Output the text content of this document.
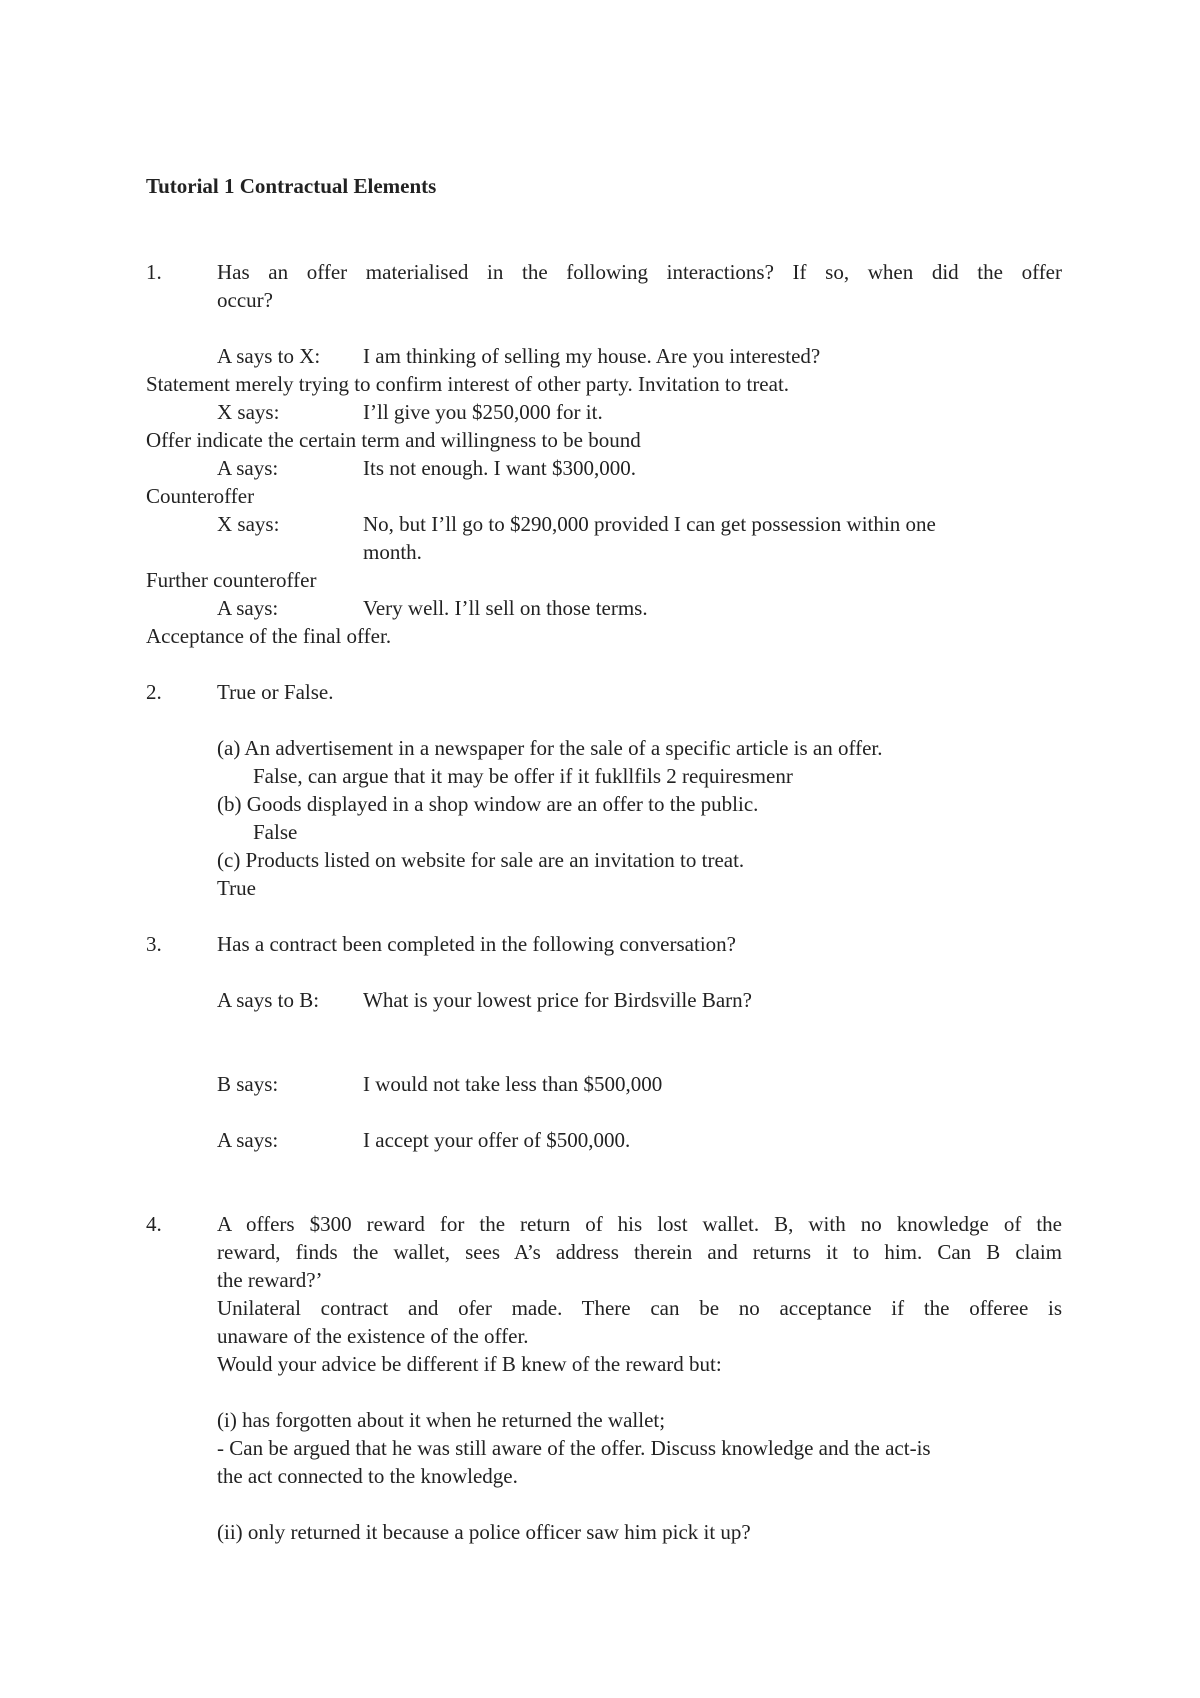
Tutorial 1 Contractual Elements
1.	Has an offer materialised in the following interactions? If so, when did the offer
occur?
A says to X: I am thinking of selling my house. Are you interested?
Statement merely trying to confirm interest of other party. Invitation to treat.
X says:	I’ll give you $250,000 for it.
Offer indicate the certain term and willingness to be bound
A says:	Its not enough. I want $300,000.
Counteroffer
X says:	No, but I’ll go to $290,000 provided I can get possession within one
month.
Further counteroffer
A says:	Very well. I’ll sell on those terms.
Acceptance of the final offer.
2.	True or False.
(a) An advertisement in a newspaper for the sale of a specific article is an offer.
False, can argue that it may be offer if it fukllfils 2 requiresmenr
(b) Goods displayed in a shop window are an offer to the public.
False
(c) Products listed on website for sale are an invitation to treat.
True
3.	Has a contract been completed in the following conversation?
A says to B: What is your lowest price for Birdsville Barn?
B says:	I would not take less than $500,000
A says:	I accept your offer of $500,000.
4.	A offers $300 reward for the return of his lost wallet. B, with no knowledge of the
reward, finds the wallet, sees A’s address therein and returns it to him. Can B claim
the reward?’
Unilateral contract and ofer made. There can be no acceptance if the offeree is
unaware of the existence of the offer.
Would your advice be different if B knew of the reward but:
(i) has forgotten about it when he returned the wallet;
- Can be argued that he was still aware of the offer. Discuss knowledge and the act-is
the act connected to the knowledge.
(ii) only returned it because a police officer saw him pick it up?
